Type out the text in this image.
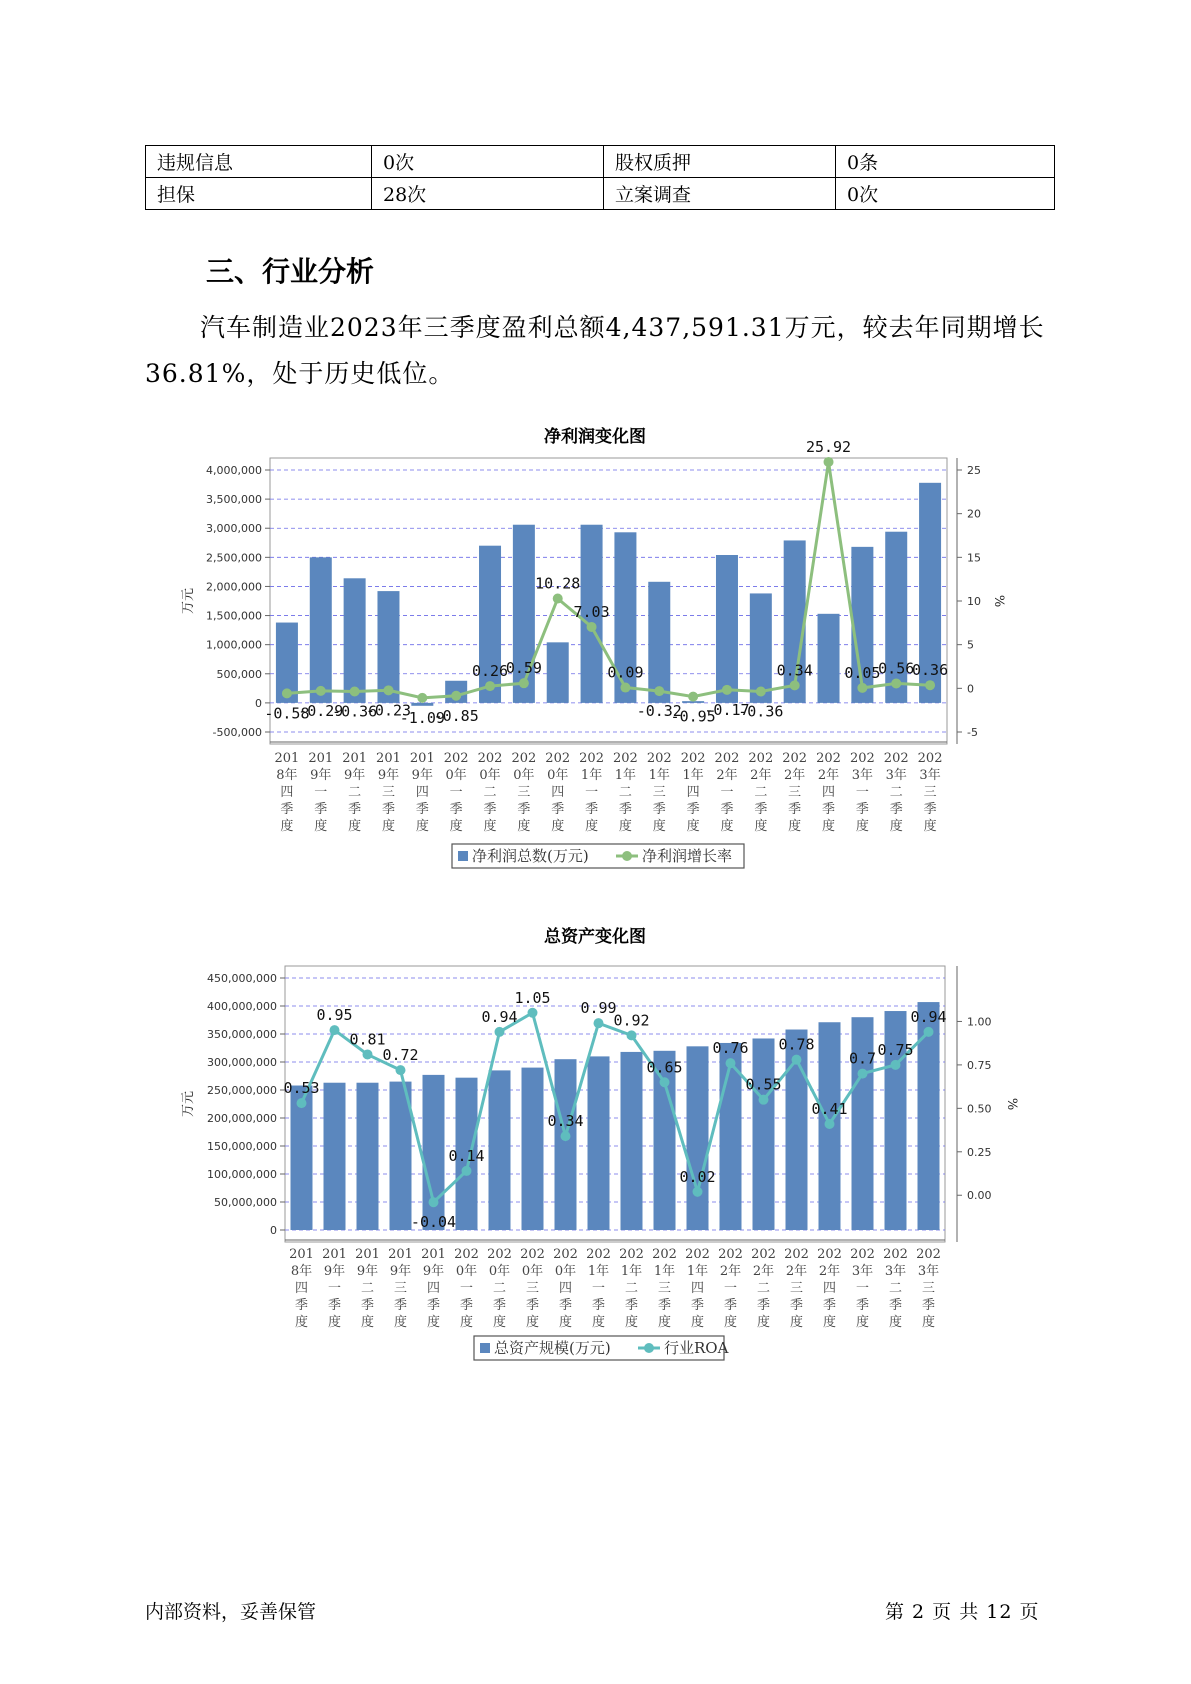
违规信息	0次	股权质押	0条
担保	28次	立案调查	0次
三、行业分析
汽车制造业2023年三季度盈利总额4,437,591.31万元，较去年同期增长36.81%，处于历史低位。
净利润变化图
4,000,000
3,500,000
3,000,000
2,500,000
2,000,000
1,500,000
1,000,000
500,000
0
-500,000
25
20
15
10
5
0
-5
万元	%
-0.58
-0.29
-0.36
-0.23
-1.09
-0.85
0.26
0.59
10.28
7.03
0.09
-0.32
-0.95
-0.17
-0.36
0.34
25.92
0.05
0.56
0.36
201 8年四季度
201 9年一季度
201 9年二季度
201 9年三季度
201 9年四季度
202 0年一季度
202 0年二季度
202 0年三季度
202 0年四季度
202 1年一季度
202 1年二季度
202 1年三季度
202 1年四季度
202 2年一季度
202 2年二季度
202 2年三季度
202 2年四季度
202 3年一季度
202 3年二季度
202 3年三季度
净利润总数(万元)	净利润增长率
总资产变化图
450,000,000
400,000,000
350,000,000
300,000,000
250,000,000
200,000,000
150,000,000
100,000,000
50,000,000
0
1.00
0.75
0.50
0.25
0.00
万元	%
0.53
0.95
0.81
0.72
-0.04
0.14
0.94
1.05
0.34
0.99
0.92
0.65
0.02
0.76
0.55
0.78
0.41
0.7 0.75
0.94
201 8年四季度
201 9年一季度
201 9年二季度
201 9年三季度
201 9年四季度
202 0年一季度
202 0年二季度
202 0年三季度
202 0年四季度
202 1年一季度
202 1年二季度
202 1年三季度
202 1年四季度
202 2年一季度
202 2年二季度
202 2年三季度
202 2年四季度
202 3年一季度
202 3年二季度
202 3年三季度
总资产规模(万元)	行业ROA
内部资料，妥善保管	第 2 页 共 12 页
